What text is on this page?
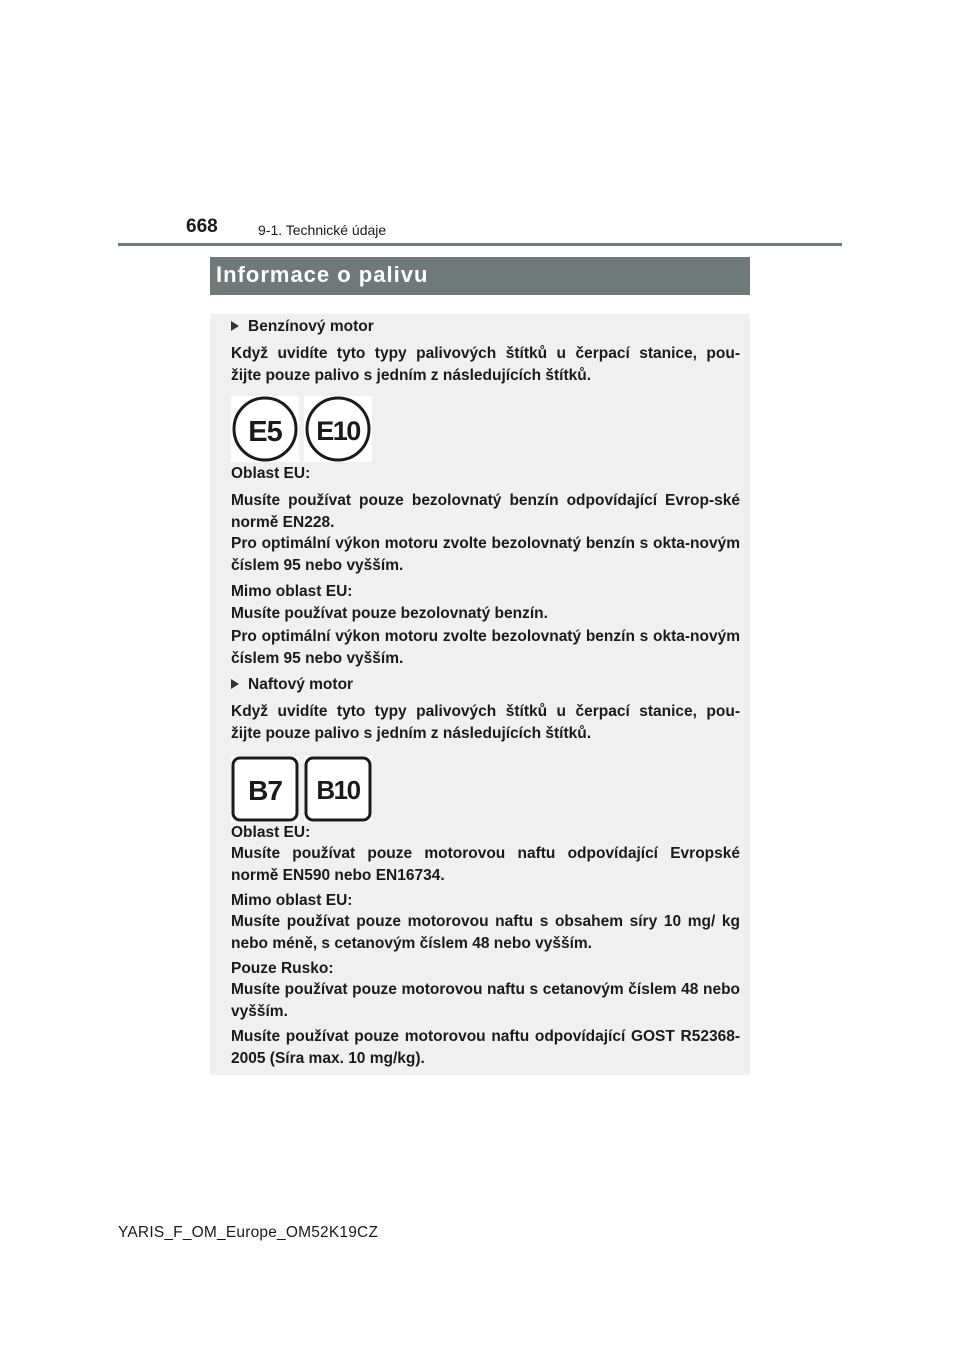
668	9-1. Technické údaje
Informace o palivu
Benzínový motor
Když uvidíte tyto typy palivových štítků u čerpací stanice, pou-
žijte pouze palivo s jedním z následujících štítků.
E5 E10
Oblast EU:
Musíte používat pouze bezolovnatý benzín odpovídající Evrop-ské normě EN228.
Pro optimální výkon motoru zvolte bezolovnatý benzín s okta-novým číslem 95 nebo vyšším.
Mimo oblast EU:
Musíte používat pouze bezolovnatý benzín.
Pro optimální výkon motoru zvolte bezolovnatý benzín s okta-novým číslem 95 nebo vyšším.
Naftový motor
Když uvidíte tyto typy palivových štítků u čerpací stanice, pou-
žijte pouze palivo s jedním z následujících štítků.
B7 B10
Oblast EU:
Musíte používat pouze motorovou naftu odpovídající Evropské normě EN590 nebo EN16734.
Mimo oblast EU:
Musíte používat pouze motorovou naftu s obsahem síry 10 mg/ kg nebo méně, s cetanovým číslem 48 nebo vyšším.
Pouze Rusko:
Musíte používat pouze motorovou naftu s cetanovým číslem 48 nebo vyšším.
Musíte používat pouze motorovou naftu odpovídající GOST R52368-2005 (Síra max. 10 mg/kg).
YARIS_F_OM_Europe_OM52K19CZ
